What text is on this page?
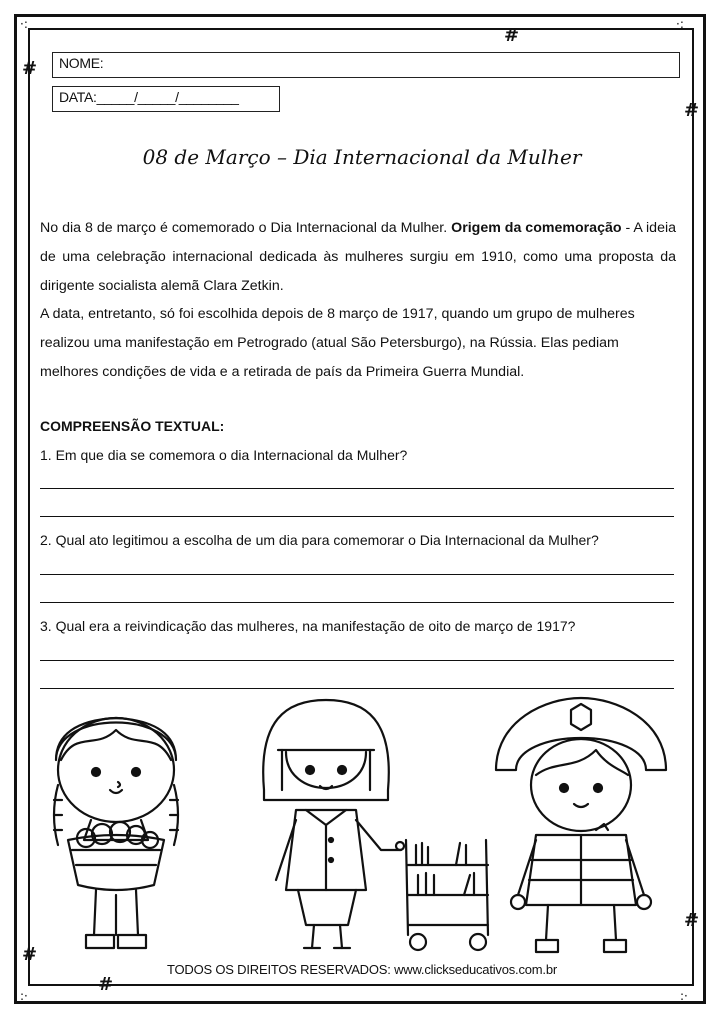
#
#
#
#
#
#
·:	·:
:·	:·
NOME:
DATA:_____/_____/________
08 de Março – Dia Internacional da Mulher
No dia 8 de março é comemorado o Dia Internacional da Mulher. Origem da comemoração - A ideia de uma celebração internacional dedicada às mulheres surgiu em 1910, como uma proposta da dirigente socialista alemã Clara Zetkin.
A data, entretanto, só foi escolhida depois de 8 março de 1917, quando um grupo de mulheres realizou uma manifestação em Petrogrado (atual São Petersburgo), na Rússia. Elas pediam melhores condições de vida e a retirada de país da Primeira Guerra Mundial.
COMPREENSÃO TEXTUAL:
1. Em que dia se comemora o dia Internacional da Mulher?
2. Qual ato legitimou a escolha de um dia para comemorar o Dia Internacional da Mulher?
3. Qual era a reivindicação das mulheres, na manifestação de oito de março de 1917?
TODOS OS DIREITOS RESERVADOS: www.clickseducativos.com.br
